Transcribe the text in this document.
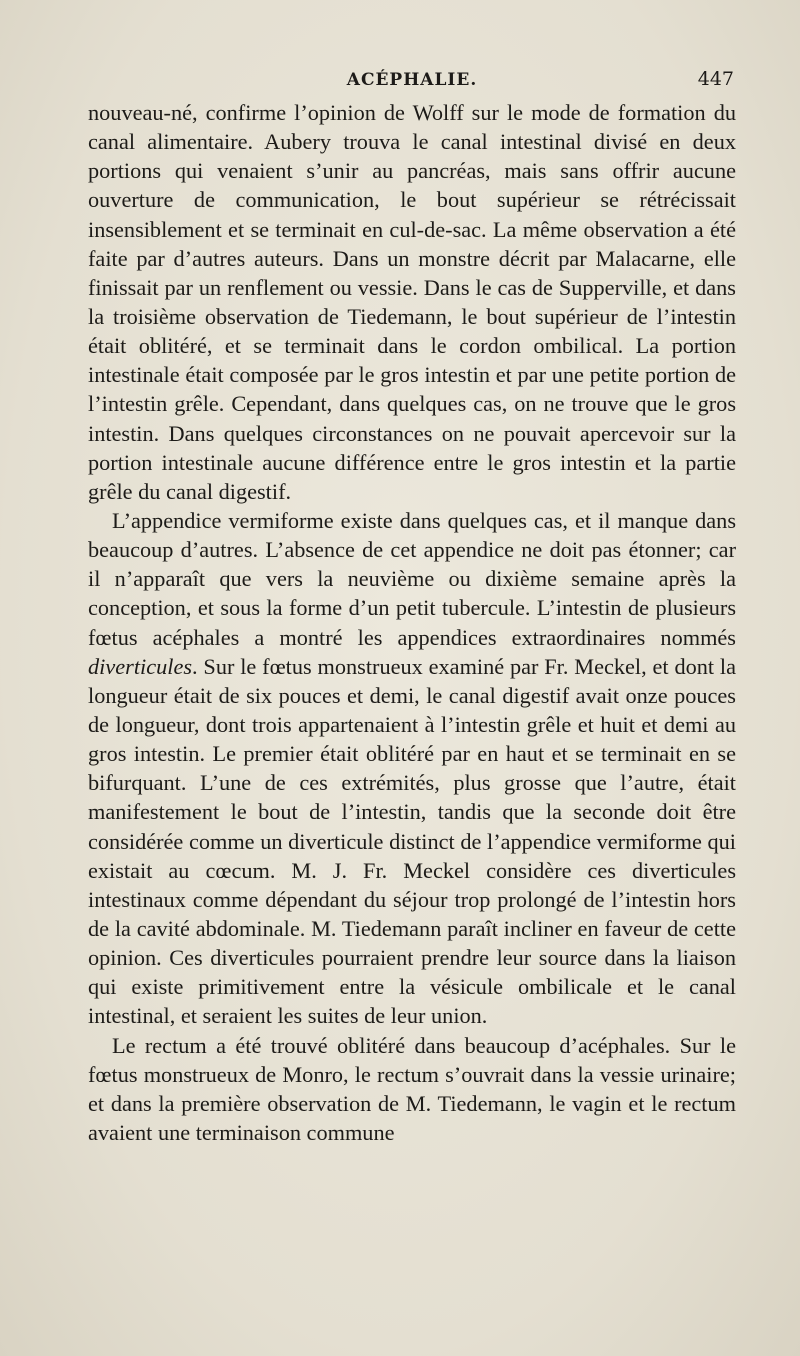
ACÉPHALIE.	447

nouveau-né, confirme l’opinion de Wolff sur le mode de formation du canal alimentaire. Aubery trouva le canal intestinal divisé en deux portions qui venaient s’unir au pancréas, mais sans offrir aucune ouverture de communication, le bout supérieur se rétrécissait insensiblement et se terminait en cul-de-sac. La même observation a été faite par d’autres auteurs. Dans un monstre décrit par Malacarne, elle finissait par un renflement ou vessie. Dans le cas de Supperville, et dans la troisième observation de Tiedemann, le bout supérieur de l’intestin était oblitéré, et se terminait dans le cordon ombilical. La portion intestinale était composée par le gros intestin et par une petite portion de l’intestin grêle. Cependant, dans quelques cas, on ne trouve que le gros intestin. Dans quelques circonstances on ne pouvait apercevoir sur la portion intestinale aucune différence entre le gros intestin et la partie grêle du canal digestif.

L’appendice vermiforme existe dans quelques cas, et il manque dans beaucoup d’autres. L’absence de cet appendice ne doit pas étonner; car il n’apparaît que vers la neuvième ou dixième semaine après la conception, et sous la forme d’un petit tubercule. L’intestin de plusieurs fœtus acéphales a montré les appendices extraordinaires nommés diverticules. Sur le fœtus monstrueux examiné par Fr. Meckel, et dont la longueur était de six pouces et demi, le canal digestif avait onze pouces de longueur, dont trois appartenaient à l’intestin grêle et huit et demi au gros intestin. Le premier était oblitéré par en haut et se terminait en se bifurquant. L’une de ces extrémités, plus grosse que l’autre, était manifestement le bout de l’intestin, tandis que la seconde doit être considérée comme un diverticule distinct de l’appendice vermiforme qui existait au cœcum. M. J. Fr. Meckel considère ces diverticules intestinaux comme dépendant du séjour trop prolongé de l’intestin hors de la cavité abdominale. M. Tiedemann paraît incliner en faveur de cette opinion. Ces diverticules pourraient prendre leur source dans la liaison qui existe primitivement entre la vésicule ombilicale et le canal intestinal, et seraient les suites de leur union.

Le rectum a été trouvé oblitéré dans beaucoup d’acéphales. Sur le fœtus monstrueux de Monro, le rectum s’ouvrait dans la vessie urinaire; et dans la première observation de M. Tiedemann, le vagin et le rectum avaient une terminaison commune
